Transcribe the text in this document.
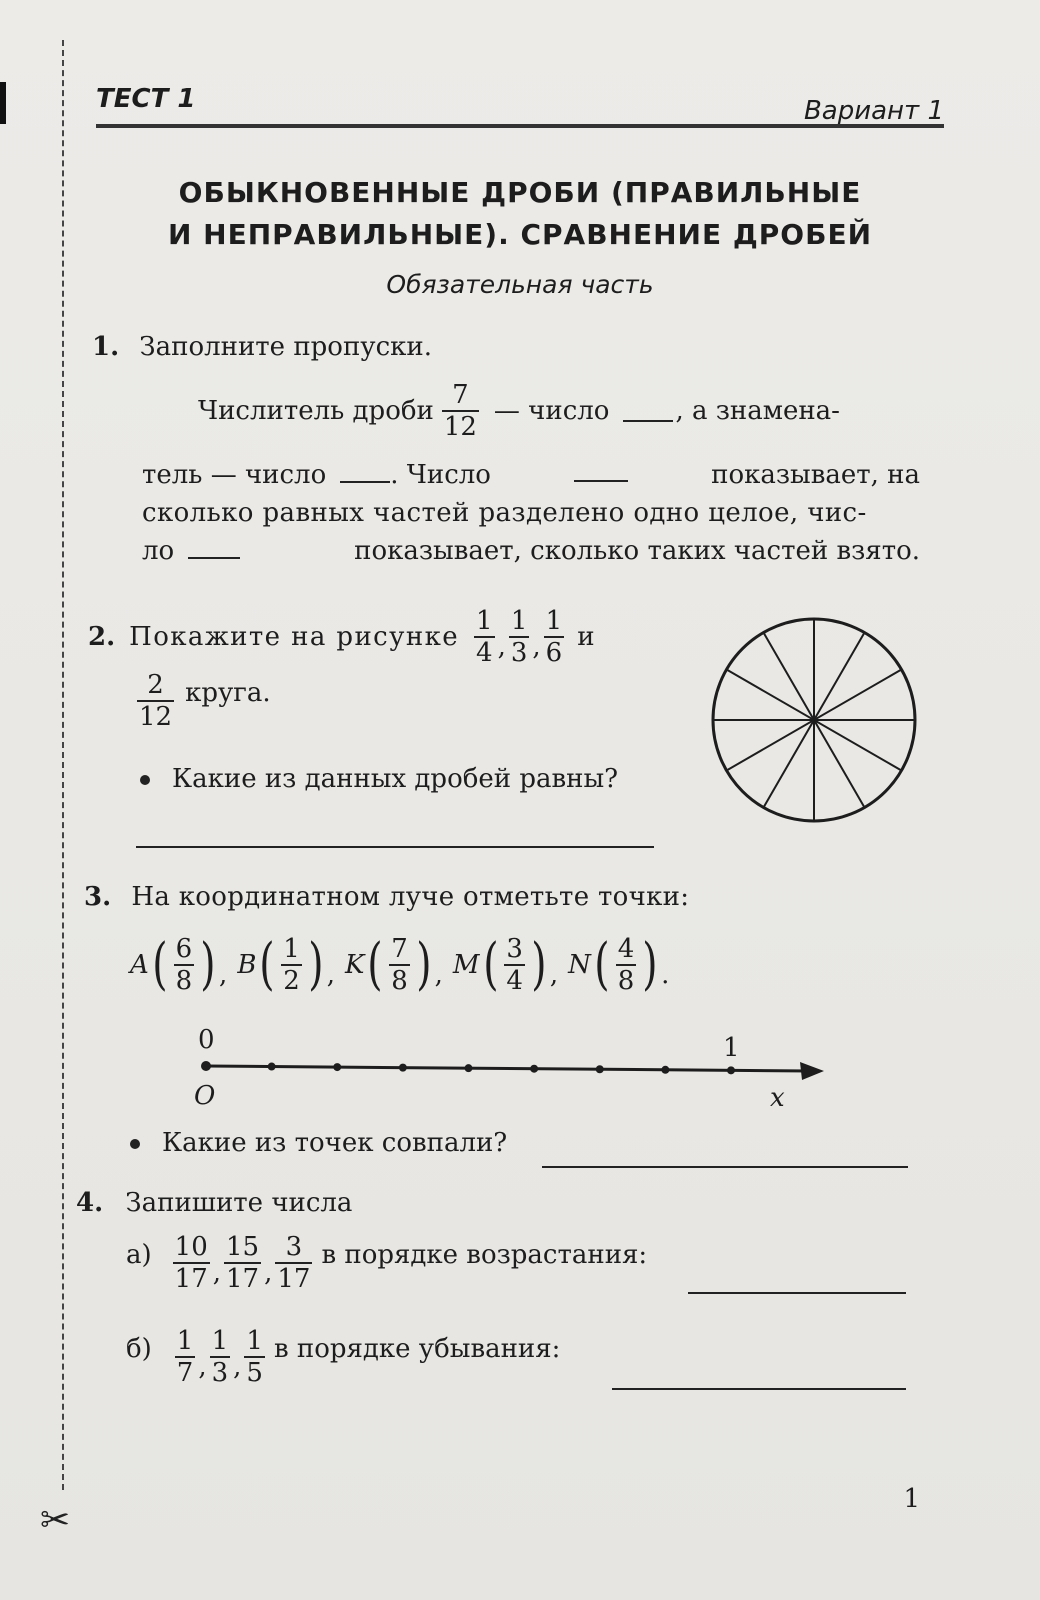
✂
ТЕСТ 1	Вариант 1
ОБЫКНОВЕННЫЕ ДРОБИ (ПРАВИЛЬНЫЕ
И НЕПРАВИЛЬНЫЕ). СРАВНЕНИЕ ДРОБЕЙ
Обязательная часть
1. Заполните пропуски.
Числитель дроби $\frac{7}{12}$ — число	, а знамена-
тель — число . Число	показывает, на
сколько равных частей разделено одно целое, чис-
ло	показывает, сколько таких частей взято.
2. Покажите на рисунке $\frac{1}{4}$ , $\frac{1}{3}$ , $\frac{1}{6}$ и
$\frac{2}{12}$ круга.
Какие из данных дробей равны?
3. На координатном луче отметьте точки:
A ( $\frac{6}{8}$ ) , B ( $\frac{1}{2}$ ) , K ( $\frac{7}{8}$ ) , M ( $\frac{3}{4}$ ) , N ( $\frac{4}{8}$ ) .
0	1
O	x
Какие из точек совпали?
4. Запишите числа
$а) \frac{10}{17}$ , $\frac{15}{17}$ , $\frac{3}{17}$ в порядке возрастания:
$б) \frac{1}{7}$ , $\frac{1}{3}$ , $\frac{1}{5}$ в порядке убывания:
1
